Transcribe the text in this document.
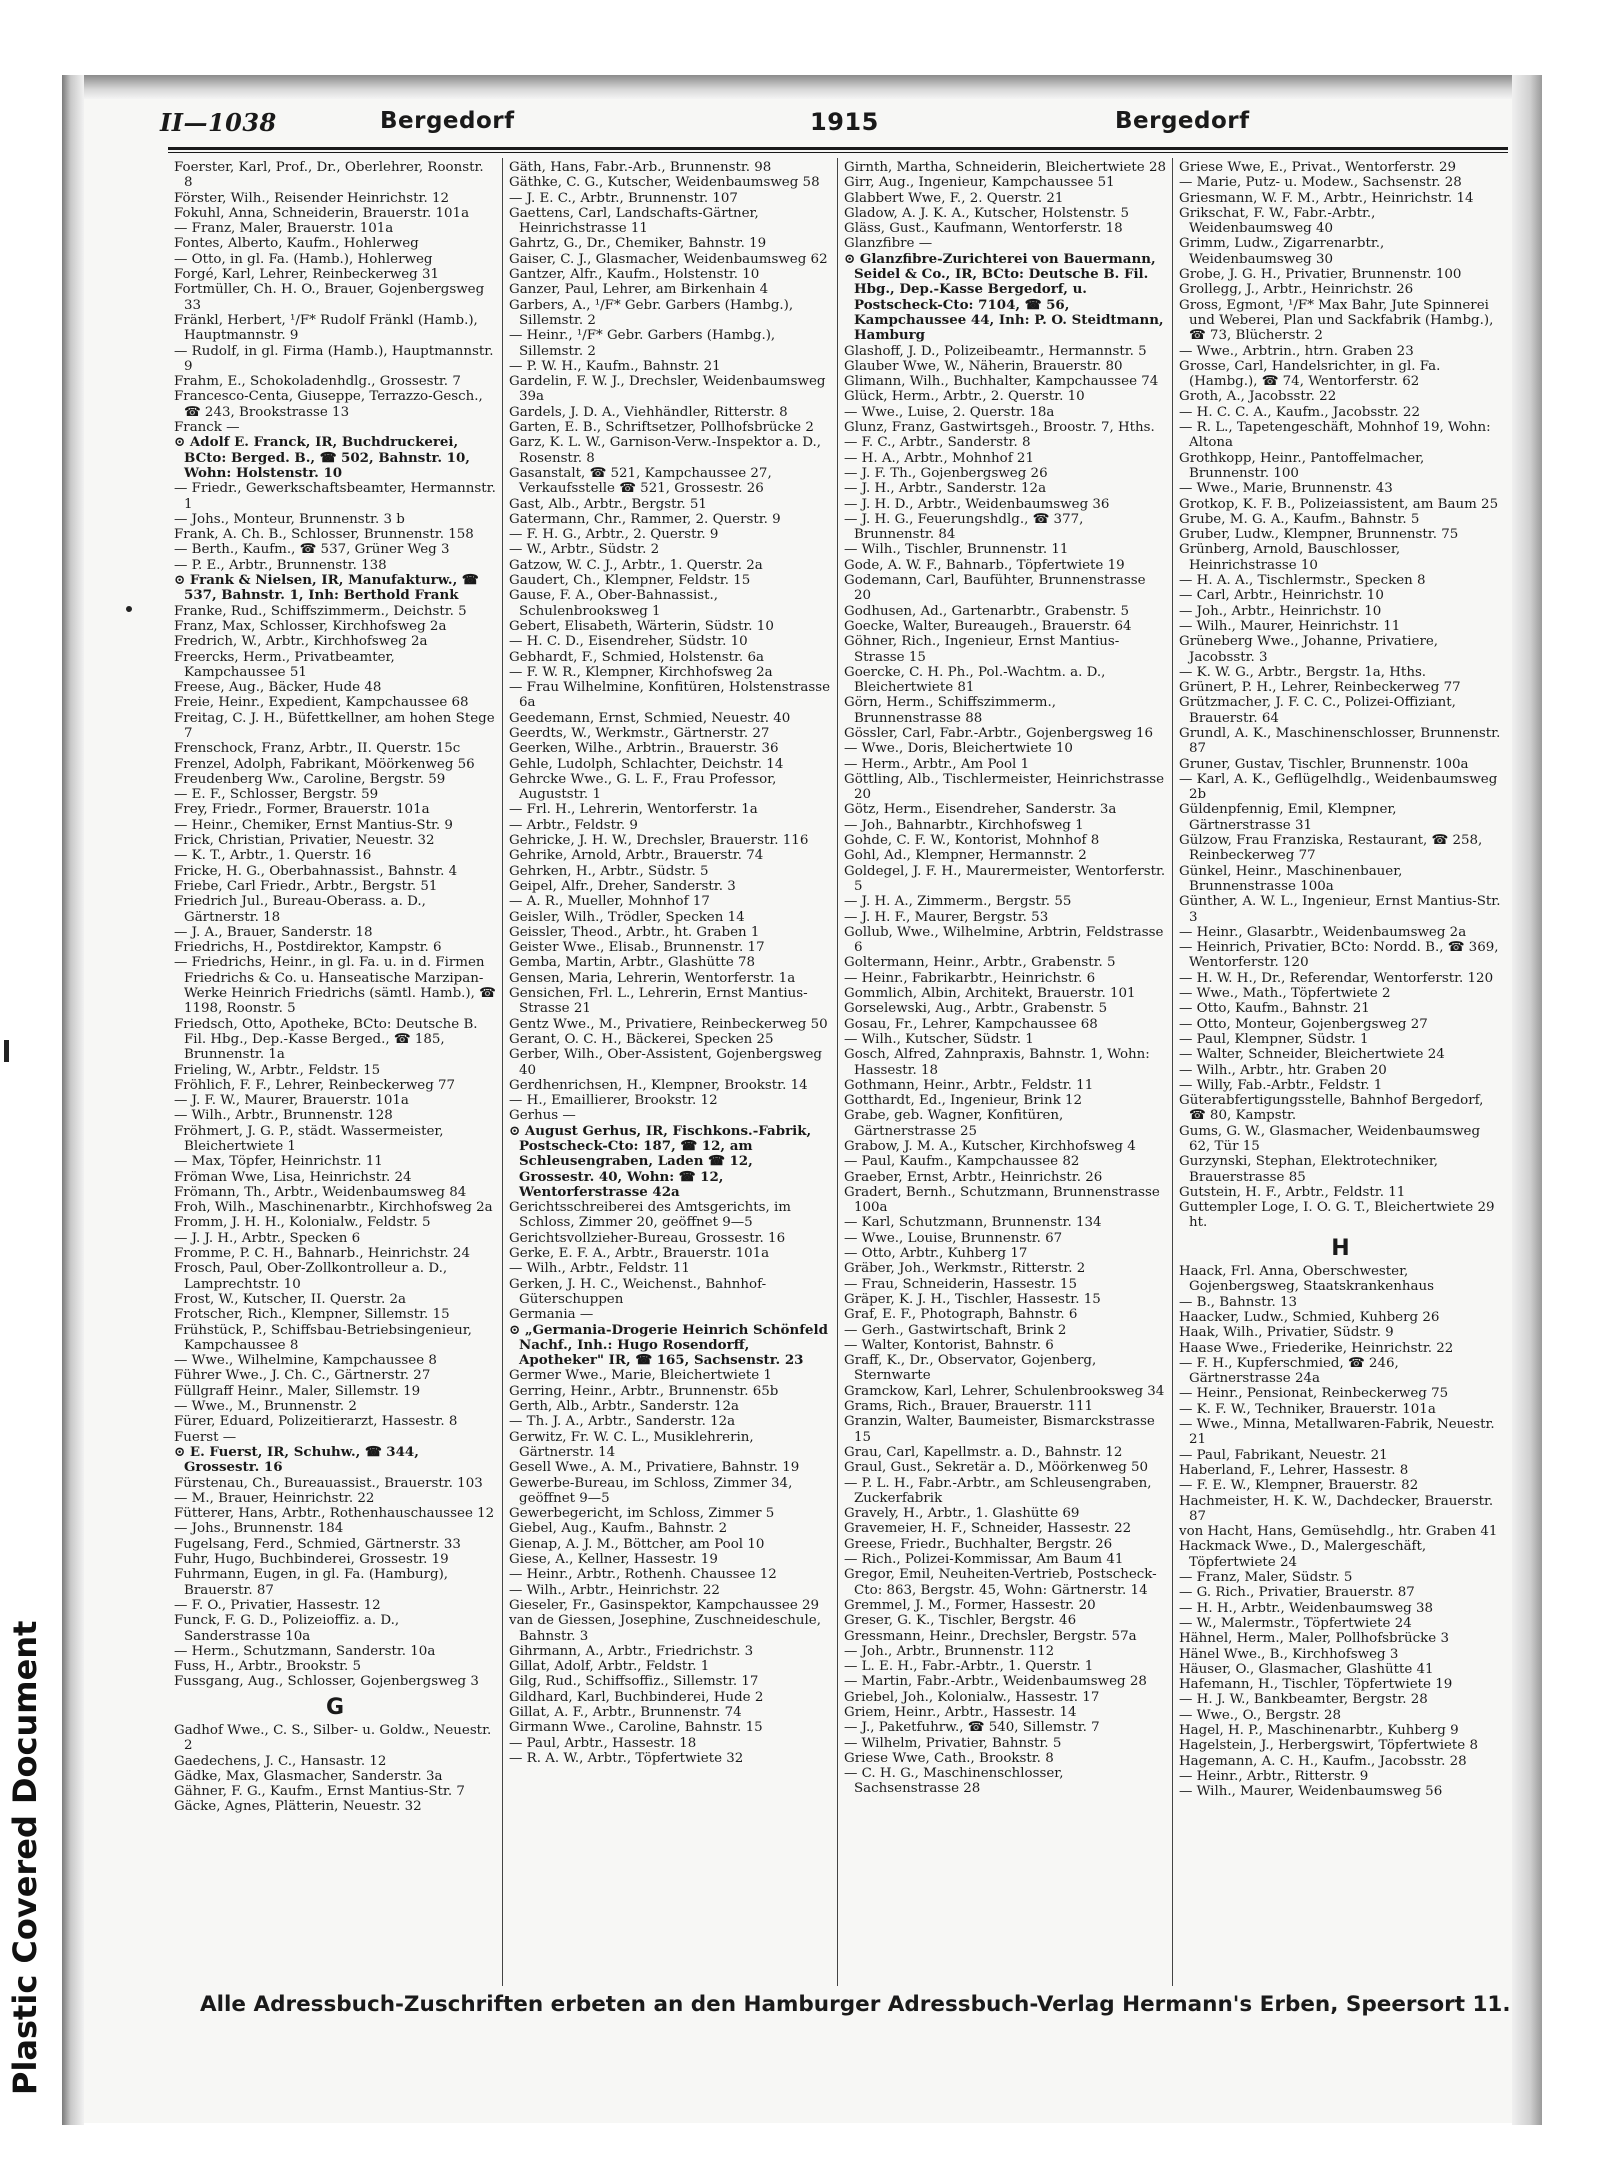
II—1038	Bergedorf	1915	Bergedorf

Foerster, Karl, Prof., Dr., Oberlehrer, Roonstr. 8

Förster, Wilh., Reisender Heinrichstr. 12

Fokuhl, Anna, Schneiderin, Brauerstr. 101a

— Franz, Maler, Brauerstr. 101a

Fontes, Alberto, Kaufm., Hohlerweg

— Otto, in gl. Fa. (Hamb.), Hohlerweg

Forgé, Karl, Lehrer, Reinbeckerweg 31

Fortmüller, Ch. H. O., Brauer, Gojenbergsweg 33

Fränkl, Herbert, ¹/F* Rudolf Fränkl (Hamb.), Hauptmannstr. 9

— Rudolf, in gl. Firma (Hamb.), Hauptmannstr. 9

Frahm, E., Schokoladenhdlg., Grossestr. 7

Francesco-Centa, Giuseppe, Terrazzo-Gesch., ☎ 243, Brookstrasse 13

Franck —

⊙ Adolf E. Franck, IR, Buchdruckerei, BCto: Berged. B., ☎ 502, Bahnstr. 10, Wohn: Holstenstr. 10

— Friedr., Gewerkschaftsbeamter, Hermannstr. 1

— Johs., Monteur, Brunnenstr. 3 b

Frank, A. Ch. B., Schlosser, Brunnenstr. 158

— Berth., Kaufm., ☎ 537, Grüner Weg 3

— P. E., Arbtr., Brunnenstr. 138

⊙ Frank & Nielsen, IR, Manufakturw., ☎ 537, Bahnstr. 1, Inh: Berthold Frank

Franke, Rud., Schiffszimmerm., Deichstr. 5

Franz, Max, Schlosser, Kirchhofsweg 2a

Fredrich, W., Arbtr., Kirchhofsweg 2a

Freercks, Herm., Privatbeamter, Kampchaussee 51

Freese, Aug., Bäcker, Hude 48

Freie, Heinr., Expedient, Kampchaussee 68

Freitag, C. J. H., Büfettkellner, am hohen Stege 7

Frenschock, Franz, Arbtr., II. Querstr. 15c

Frenzel, Adolph, Fabrikant, Möörkenweg 56

Freudenberg Ww., Caroline, Bergstr. 59

— E. F., Schlosser, Bergstr. 59

Frey, Friedr., Former, Brauerstr. 101a

— Heinr., Chemiker, Ernst Mantius-Str. 9

Frick, Christian, Privatier, Neuestr. 32

— K. T., Arbtr., 1. Querstr. 16

Fricke, H. G., Oberbahnassist., Bahnstr. 4

Friebe, Carl Friedr., Arbtr., Bergstr. 51

Friedrich Jul., Bureau-Oberass. a. D., Gärtnerstr. 18

— J. A., Brauer, Sanderstr. 18

Friedrichs, H., Postdirektor, Kampstr. 6

— Friedrichs, Heinr., in gl. Fa. u. in d. Firmen Friedrichs & Co. u. Hanseatische Marzipan-Werke Heinrich Friedrichs (sämtl. Hamb.), ☎ 1198, Roonstr. 5

Friedsch, Otto, Apotheke, BCto: Deutsche B. Fil. Hbg., Dep.-Kasse Berged., ☎ 185, Brunnenstr. 1a

Frieling, W., Arbtr., Feldstr. 15

Fröhlich, F. F., Lehrer, Reinbeckerweg 77

— J. F. W., Maurer, Brauerstr. 101a

— Wilh., Arbtr., Brunnenstr. 128

Fröhmert, J. G. P., städt. Wassermeister, Bleichertwiete 1

— Max, Töpfer, Heinrichstr. 11

Fröman Wwe, Lisa, Heinrichstr. 24

Frömann, Th., Arbtr., Weidenbaumsweg 84

Froh, Wilh., Maschinenarbtr., Kirchhofsweg 2a

Fromm, J. H. H., Kolonialw., Feldstr. 5

— J. J. H., Arbtr., Specken 6

Fromme, P. C. H., Bahnarb., Heinrichstr. 24

Frosch, Paul, Ober-Zollkontrolleur a. D., Lamprechtstr. 10

Frost, W., Kutscher, II. Querstr. 2a

Frotscher, Rich., Klempner, Sillemstr. 15

Frühstück, P., Schiffsbau-Betriebsingenieur, Kampchaussee 8

— Wwe., Wilhelmine, Kampchaussee 8

Führer Wwe., J. Ch. C., Gärtnerstr. 27

Füllgraff Heinr., Maler, Sillemstr. 19

— Wwe., M., Brunnenstr. 2

Fürer, Eduard, Polizeitierarzt, Hassestr. 8

Fuerst —

⊙ E. Fuerst, IR, Schuhw., ☎ 344, Grossestr. 16

Fürstenau, Ch., Bureauassist., Brauerstr. 103

— M., Brauer, Heinrichstr. 22

Fütterer, Hans, Arbtr., Rothenhauschaussee 12

— Johs., Brunnenstr. 184

Fugelsang, Ferd., Schmied, Gärtnerstr. 33

Fuhr, Hugo, Buchbinderei, Grossestr. 19

Fuhrmann, Eugen, in gl. Fa. (Hamburg), Brauerstr. 87

— F. O., Privatier, Hassestr. 12

Funck, F. G. D., Polizeioffiz. a. D., Sanderstrasse 10a

— Herm., Schutzmann, Sanderstr. 10a

Fuss, H., Arbtr., Brookstr. 5

Fussgang, Aug., Schlosser, Gojenbergsweg 3

G

Gadhof Wwe., C. S., Silber- u. Goldw., Neuestr. 2

Gaedechens, J. C., Hansastr. 12

Gädke, Max, Glasmacher, Sanderstr. 3a

Gähner, F. G., Kaufm., Ernst Mantius-Str. 7

Gäcke, Agnes, Plätterin, Neuestr. 32

Gäth, Hans, Fabr.-Arb., Brunnenstr. 98

Gäthke, C. G., Kutscher, Weidenbaumsweg 58

— J. E. C., Arbtr., Brunnenstr. 107

Gaettens, Carl, Landschafts-Gärtner, Heinrichstrasse 11

Gahrtz, G., Dr., Chemiker, Bahnstr. 19

Gaiser, C. J., Glasmacher, Weidenbaumsweg 62

Gantzer, Alfr., Kaufm., Holstenstr. 10

Ganzer, Paul, Lehrer, am Birkenhain 4

Garbers, A., ¹/F* Gebr. Garbers (Hambg.), Sillemstr. 2

— Heinr., ¹/F* Gebr. Garbers (Hambg.), Sillemstr. 2

— P. W. H., Kaufm., Bahnstr. 21

Gardelin, F. W. J., Drechsler, Weidenbaumsweg 39a

Gardels, J. D. A., Viehhändler, Ritterstr. 8

Garten, E. B., Schriftsetzer, Pollhofsbrücke 2

Garz, K. L. W., Garnison-Verw.-Inspektor a. D., Rosenstr. 8

Gasanstalt, ☎ 521, Kampchaussee 27, Verkaufsstelle ☎ 521, Grossestr. 26

Gast, Alb., Arbtr., Bergstr. 51

Gatermann, Chr., Rammer, 2. Querstr. 9

— F. H. G., Arbtr., 2. Querstr. 9

— W., Arbtr., Südstr. 2

Gatzow, W. C. J., Arbtr., 1. Querstr. 2a

Gaudert, Ch., Klempner, Feldstr. 15

Gause, F. A., Ober-Bahnassist., Schulenbrooksweg 1

Gebert, Elisabeth, Wärterin, Südstr. 10

— H. C. D., Eisendreher, Südstr. 10

Gebhardt, F., Schmied, Holstenstr. 6a

— F. W. R., Klempner, Kirchhofsweg 2a

— Frau Wilhelmine, Konfitüren, Holstenstrasse 6a

Geedemann, Ernst, Schmied, Neuestr. 40

Geerdts, W., Werkmstr., Gärtnerstr. 27

Geerken, Wilhe., Arbtrin., Brauerstr. 36

Gehle, Ludolph, Schlachter, Deichstr. 14

Gehrcke Wwe., G. L. F., Frau Professor, Auguststr. 1

— Frl. H., Lehrerin, Wentorferstr. 1a

— Arbtr., Feldstr. 9

Gehricke, J. H. W., Drechsler, Brauerstr. 116

Gehrike, Arnold, Arbtr., Brauerstr. 74

Gehrken, H., Arbtr., Südstr. 5

Geipel, Alfr., Dreher, Sanderstr. 3

— A. R., Mueller, Mohnhof 17

Geisler, Wilh., Trödler, Specken 14

Geissler, Theod., Arbtr., ht. Graben 1

Geister Wwe., Elisab., Brunnenstr. 17

Gemba, Martin, Arbtr., Glashütte 78

Gensen, Maria, Lehrerin, Wentorferstr. 1a

Gensichen, Frl. L., Lehrerin, Ernst Mantius-Strasse 21

Gentz Wwe., M., Privatiere, Reinbeckerweg 50

Gerant, O. C. H., Bäckerei, Specken 25

Gerber, Wilh., Ober-Assistent, Gojenbergsweg 40

Gerdhenrichsen, H., Klempner, Brookstr. 14

— H., Emaillierer, Brookstr. 12

Gerhus —

⊙ August Gerhus, IR, Fischkons.-Fabrik, Postscheck-Cto: 187, ☎ 12, am Schleusengraben, Laden ☎ 12, Grossestr. 40, Wohn: ☎ 12, Wentorferstrasse 42a

Gerichtsschreiberei des Amtsgerichts, im Schloss, Zimmer 20, geöffnet 9—5

Gerichtsvollzieher-Bureau, Grossestr. 16

Gerke, E. F. A., Arbtr., Brauerstr. 101a

— Wilh., Arbtr., Feldstr. 11

Gerken, J. H. C., Weichenst., Bahnhof-Güterschuppen

Germania —

⊙ „Germania-Drogerie Heinrich Schönfeld Nachf., Inh.: Hugo Rosendorff, Apotheker" IR, ☎ 165, Sachsenstr. 23

Germer Wwe., Marie, Bleichertwiete 1

Gerring, Heinr., Arbtr., Brunnenstr. 65b

Gerth, Alb., Arbtr., Sanderstr. 12a

— Th. J. A., Arbtr., Sanderstr. 12a

Gerwitz, Fr. W. C. L., Musiklehrerin, Gärtnerstr. 14

Gesell Wwe., A. M., Privatiere, Bahnstr. 19

Gewerbe-Bureau, im Schloss, Zimmer 34, geöffnet 9—5

Gewerbegericht, im Schloss, Zimmer 5

Giebel, Aug., Kaufm., Bahnstr. 2

Gienap, A. J. M., Böttcher, am Pool 10

Giese, A., Kellner, Hassestr. 19

— Heinr., Arbtr., Rothenh. Chaussee 12

— Wilh., Arbtr., Heinrichstr. 22

Gieseler, Fr., Gasinspektor, Kampchaussee 29

van de Giessen, Josephine, Zuschneideschule, Bahnstr. 3

Gihrmann, A., Arbtr., Friedrichstr. 3

Gillat, Adolf, Arbtr., Feldstr. 1

Gilg, Rud., Schiffsoffiz., Sillemstr. 17

Gildhard, Karl, Buchbinderei, Hude 2

Gillat, A. F., Arbtr., Brunnenstr. 74

Girmann Wwe., Caroline, Bahnstr. 15

— Paul, Arbtr., Hassestr. 18

— R. A. W., Arbtr., Töpfertwiete 32

Girnth, Martha, Schneiderin, Bleichertwiete 28

Girr, Aug., Ingenieur, Kampchaussee 51

Glabbert Wwe, F., 2. Querstr. 21

Gladow, A. J. K. A., Kutscher, Holstenstr. 5

Gläss, Gust., Kaufmann, Wentorferstr. 18

Glanzfibre —

⊙ Glanzfibre-Zurichterei von Bauermann, Seidel & Co., IR, BCto: Deutsche B. Fil. Hbg., Dep.-Kasse Bergedorf, u. Postscheck-Cto: 7104, ☎ 56, Kampchaussee 44, Inh: P. O. Steidtmann, Hamburg

Glashoff, J. D., Polizeibeamtr., Hermannstr. 5

Glauber Wwe, W., Näherin, Brauerstr. 80

Glimann, Wilh., Buchhalter, Kampchaussee 74

Glück, Herm., Arbtr., 2. Querstr. 10

— Wwe., Luise, 2. Querstr. 18a

Glunz, Franz, Gastwirtsgeh., Broostr. 7, Hths.

— F. C., Arbtr., Sanderstr. 8

— H. A., Arbtr., Mohnhof 21

— J. F. Th., Gojenbergsweg 26

— J. H., Arbtr., Sanderstr. 12a

— J. H. D., Arbtr., Weidenbaumsweg 36

— J. H. G., Feuerungshdlg., ☎ 377, Brunnenstr. 84

— Wilh., Tischler, Brunnenstr. 11

Gode, A. W. F., Bahnarb., Töpfertwiete 19

Godemann, Carl, Baufühter, Brunnenstrasse 20

Godhusen, Ad., Gartenarbtr., Grabenstr. 5

Goecke, Walter, Bureaugeh., Brauerstr. 64

Göhner, Rich., Ingenieur, Ernst Mantius-Strasse 15

Goercke, C. H. Ph., Pol.-Wachtm. a. D., Bleichertwiete 81

Görn, Herm., Schiffszimmerm., Brunnenstrasse 88

Gössler, Carl, Fabr.-Arbtr., Gojenbergsweg 16

— Wwe., Doris, Bleichertwiete 10

— Herm., Arbtr., Am Pool 1

Göttling, Alb., Tischlermeister, Heinrichstrasse 20

Götz, Herm., Eisendreher, Sanderstr. 3a

— Joh., Bahnarbtr., Kirchhofsweg 1

Gohde, C. F. W., Kontorist, Mohnhof 8

Gohl, Ad., Klempner, Hermannstr. 2

Goldegel, J. F. H., Maurermeister, Wentorferstr. 5

— J. H. A., Zimmerm., Bergstr. 55

— J. H. F., Maurer, Bergstr. 53

Gollub, Wwe., Wilhelmine, Arbtrin, Feldstrasse 6

Goltermann, Heinr., Arbtr., Grabenstr. 5

— Heinr., Fabrikarbtr., Heinrichstr. 6

Gommlich, Albin, Architekt, Brauerstr. 101

Gorselewski, Aug., Arbtr., Grabenstr. 5

Gosau, Fr., Lehrer, Kampchaussee 68

— Wilh., Kutscher, Südstr. 1

Gosch, Alfred, Zahnpraxis, Bahnstr. 1, Wohn: Hassestr. 18

Gothmann, Heinr., Arbtr., Feldstr. 11

Gotthardt, Ed., Ingenieur, Brink 12

Grabe, geb. Wagner, Konfitüren, Gärtnerstrasse 25

Grabow, J. M. A., Kutscher, Kirchhofsweg 4

— Paul, Kaufm., Kampchaussee 82

Graeber, Ernst, Arbtr., Heinrichstr. 26

Gradert, Bernh., Schutzmann, Brunnenstrasse 100a

— Karl, Schutzmann, Brunnenstr. 134

— Wwe., Louise, Brunnenstr. 67

— Otto, Arbtr., Kuhberg 17

Gräber, Joh., Werkmstr., Ritterstr. 2

— Frau, Schneiderin, Hassestr. 15

Gräper, K. J. H., Tischler, Hassestr. 15

Graf, E. F., Photograph, Bahnstr. 6

— Gerh., Gastwirtschaft, Brink 2

— Walter, Kontorist, Bahnstr. 6

Graff, K., Dr., Observator, Gojenberg, Sternwarte

Gramckow, Karl, Lehrer, Schulenbrooksweg 34

Grams, Rich., Brauer, Brauerstr. 111

Granzin, Walter, Baumeister, Bismarckstrasse 15

Grau, Carl, Kapellmstr. a. D., Bahnstr. 12

Graul, Gust., Sekretär a. D., Möörkenweg 50

— P. L. H., Fabr.-Arbtr., am Schleusengraben, Zuckerfabrik

Gravely, H., Arbtr., 1. Glashütte 69

Gravemeier, H. F., Schneider, Hassestr. 22

Greese, Friedr., Buchhalter, Bergstr. 26

— Rich., Polizei-Kommissar, Am Baum 41

Gregor, Emil, Neuheiten-Vertrieb, Postscheck-Cto: 863, Bergstr. 45, Wohn: Gärtnerstr. 14

Gremmel, J. M., Former, Hassestr. 20

Greser, G. K., Tischler, Bergstr. 46

Gressmann, Heinr., Drechsler, Bergstr. 57a

— Joh., Arbtr., Brunnenstr. 112

— L. E. H., Fabr.-Arbtr., 1. Querstr. 1

— Martin, Fabr.-Arbtr., Weidenbaumsweg 28

Griebel, Joh., Kolonialw., Hassestr. 17

Griem, Heinr., Arbtr., Hassestr. 14

— J., Paketfuhrw., ☎ 540, Sillemstr. 7

— Wilhelm, Privatier, Bahnstr. 5

Griese Wwe, Cath., Brookstr. 8

— C. H. G., Maschinenschlosser, Sachsenstrasse 28

Griese Wwe, E., Privat., Wentorferstr. 29

— Marie, Putz- u. Modew., Sachsenstr. 28

Griesmann, W. F. M., Arbtr., Heinrichstr. 14

Grikschat, F. W., Fabr.-Arbtr., Weidenbaumsweg 40

Grimm, Ludw., Zigarrenarbtr., Weidenbaumsweg 30

Grobe, J. G. H., Privatier, Brunnenstr. 100

Grollegg, J., Arbtr., Heinrichstr. 26

Gross, Egmont, ¹/F* Max Bahr, Jute Spinnerei und Weberei, Plan und Sackfabrik (Hambg.), ☎ 73, Blücherstr. 2

— Wwe., Arbtrin., htrn. Graben 23

Grosse, Carl, Handelsrichter, in gl. Fa. (Hambg.), ☎ 74, Wentorferstr. 62

Groth, A., Jacobsstr. 22

— H. C. C. A., Kaufm., Jacobsstr. 22

— R. L., Tapetengeschäft, Mohnhof 19, Wohn: Altona

Grothkopp, Heinr., Pantoffelmacher, Brunnenstr. 100

— Wwe., Marie, Brunnenstr. 43

Grotkop, K. F. B., Polizeiassistent, am Baum 25

Grube, M. G. A., Kaufm., Bahnstr. 5

Gruber, Ludw., Klempner, Brunnenstr. 75

Grünberg, Arnold, Bauschlosser, Heinrichstrasse 10

— H. A. A., Tischlermstr., Specken 8

— Carl, Arbtr., Heinrichstr. 10

— Joh., Arbtr., Heinrichstr. 10

— Wilh., Maurer, Heinrichstr. 11

Grüneberg Wwe., Johanne, Privatiere, Jacobsstr. 3

— K. W. G., Arbtr., Bergstr. 1a, Hths.

Grünert, P. H., Lehrer, Reinbeckerweg 77

Grützmacher, J. F. C. C., Polizei-Offiziant, Brauerstr. 64

Grundl, A. K., Maschinenschlosser, Brunnenstr. 87

Gruner, Gustav, Tischler, Brunnenstr. 100a

— Karl, A. K., Geflügelhdlg., Weidenbaumsweg 2b

Güldenpfennig, Emil, Klempner, Gärtnerstrasse 31

Gülzow, Frau Franziska, Restaurant, ☎ 258, Reinbeckerweg 77

Günkel, Heinr., Maschinenbauer, Brunnenstrasse 100a

Günther, A. W. L., Ingenieur, Ernst Mantius-Str. 3

— Heinr., Glasarbtr., Weidenbaumsweg 2a

— Heinrich, Privatier, BCto: Nordd. B., ☎ 369, Wentorferstr. 120

— H. W. H., Dr., Referendar, Wentorferstr. 120

— Wwe., Math., Töpfertwiete 2

— Otto, Kaufm., Bahnstr. 21

— Otto, Monteur, Gojenbergsweg 27

— Paul, Klempner, Südstr. 1

— Walter, Schneider, Bleichertwiete 24

— Wilh., Arbtr., htr. Graben 20

— Willy, Fab.-Arbtr., Feldstr. 1

Güterabfertigungsstelle, Bahnhof Bergedorf, ☎ 80, Kampstr.

Gums, G. W., Glasmacher, Weidenbaumsweg 62, Tür 15

Gurzynski, Stephan, Elektrotechniker, Brauerstrasse 85

Gutstein, H. F., Arbtr., Feldstr. 11

Guttempler Loge, I. O. G. T., Bleichertwiete 29 ht.

H

Haack, Frl. Anna, Oberschwester, Gojenbergsweg, Staatskrankenhaus

— B., Bahnstr. 13

Haacker, Ludw., Schmied, Kuhberg 26

Haak, Wilh., Privatier, Südstr. 9

Haase Wwe., Friederike, Heinrichstr. 22

— F. H., Kupferschmied, ☎ 246, Gärtnerstrasse 24a

— Heinr., Pensionat, Reinbeckerweg 75

— K. F. W., Techniker, Brauerstr. 101a

— Wwe., Minna, Metallwaren-Fabrik, Neuestr. 21

— Paul, Fabrikant, Neuestr. 21

Haberland, F., Lehrer, Hassestr. 8

— F. E. W., Klempner, Brauerstr. 82

Hachmeister, H. K. W., Dachdecker, Brauerstr. 87

von Hacht, Hans, Gemüsehdlg., htr. Graben 41

Hackmack Wwe., D., Malergeschäft, Töpfertwiete 24

— Franz, Maler, Südstr. 5

— G. Rich., Privatier, Brauerstr. 87

— H. H., Arbtr., Weidenbaumsweg 38

— W., Malermstr., Töpfertwiete 24

Hähnel, Herm., Maler, Pollhofsbrücke 3

Hänel Wwe., B., Kirchhofsweg 3

Häuser, O., Glasmacher, Glashütte 41

Hafemann, H., Tischler, Töpfertwiete 19

— H. J. W., Bankbeamter, Bergstr. 28

— Wwe., O., Bergstr. 28

Hagel, H. P., Maschinenarbtr., Kuhberg 9

Hagelstein, J., Herbergswirt, Töpfertwiete 8

Hagemann, A. C. H., Kaufm., Jacobsstr. 28

— Heinr., Arbtr., Ritterstr. 9

— Wilh., Maurer, Weidenbaumsweg 56

Alle Adressbuch-Zuschriften erbeten an den Hamburger Adressbuch-Verlag Hermann's Erben, Speersort 11.
Plastic Covered Document
